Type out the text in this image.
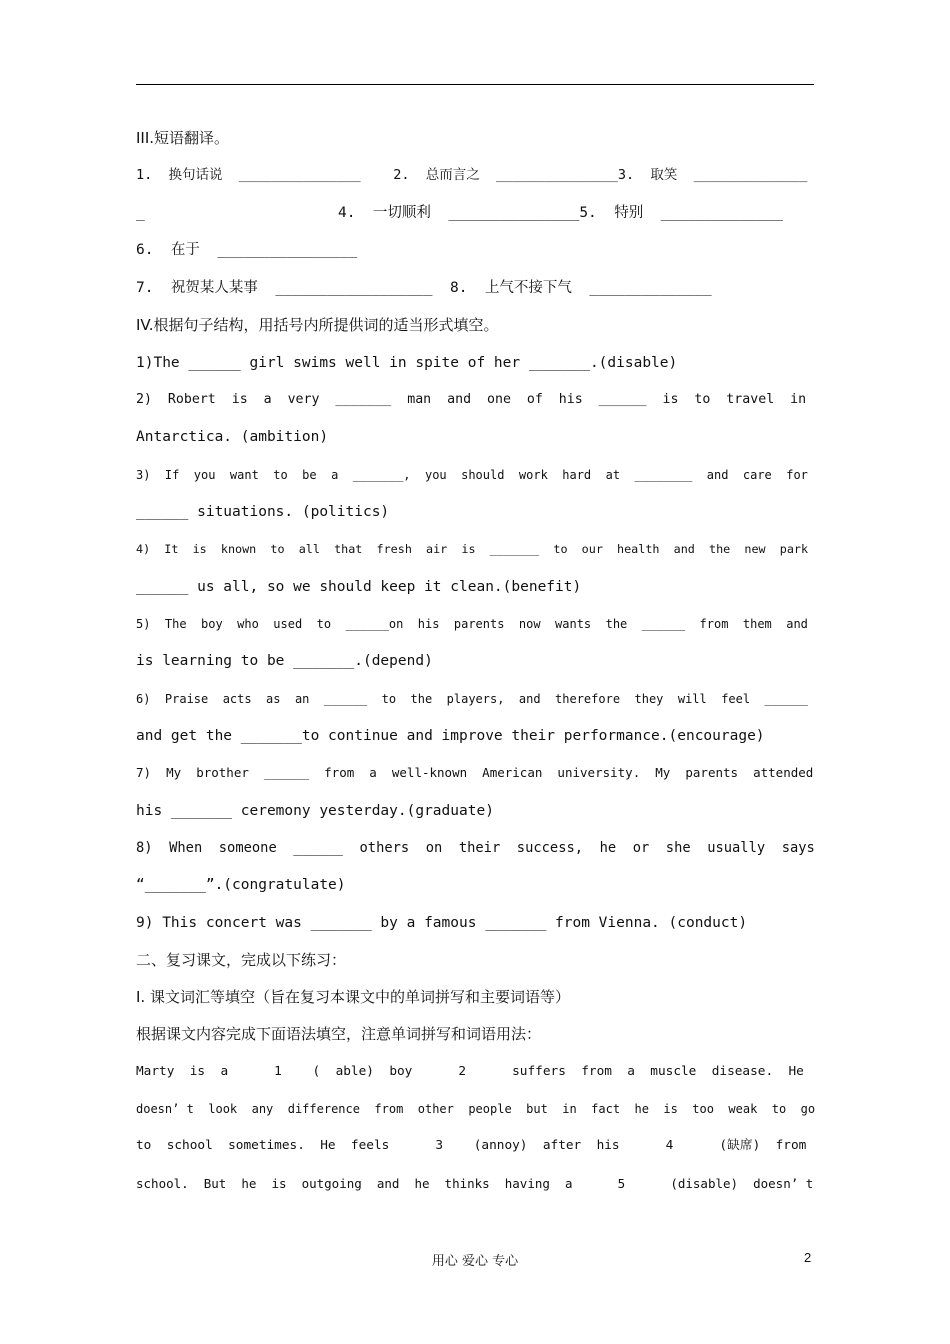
III.短语翻译。

1.  换句话说  _______________    2.  总而言之  _______________3.  取笑  ______________

_	4.  一切顺利  _______________5.  特别  ______________

6.  在于  ________________

7.  祝贺某人某事  __________________  8.  上气不接下气  ______________

IV.根据句子结构，用括号内所提供词的适当形式填空。

1)The ______ girl swims well in spite of her _______.(disable)

2)  Robert  is  a  very  _______  man  and  one  of  his  ______  is  to  travel  in

Antarctica. (ambition)

3)  If  you  want  to  be  a  _______,  you  should  work  hard  at  ________  and  care  for

______ situations. (politics)

4)  It  is  known  to  all  that  fresh  air  is  _______  to  our  health  and  the  new  park

______ us all, so we should keep it clean.(benefit)

5)  The  boy  who  used  to  ______on  his  parents  now  wants  the  ______  from  them  and

is learning to be _______.(depend)

6)  Praise  acts  as  an  ______  to  the  players,  and  therefore  they  will  feel  ______

and get the _______to continue and improve their performance.(encourage)

7)  My  brother  ______  from  a  well-known  American  university.  My  parents  attended

his _______ ceremony yesterday.(graduate)

8)  When  someone  ______  others  on  their  success,  he  or  she  usually  says

“_______”.(congratulate)

9) This concert was _______ by a famous _______ from Vienna. (conduct)

二、复习课文，完成以下练习：

I. 课文词汇等填空（旨在复习本课文中的单词拼写和主要词语等）

根据课文内容完成下面语法填空，注意单词拼写和词语用法：

Marty  is  a      1    (  able)  boy      2      suffers  from  a  muscle  disease.  He

doesn’ t  look  any  difference  from  other  people  but  in  fact  he  is  too  weak  to  go

to  school  sometimes.  He  feels      3    (annoy)  after  his      4      (缺席)  from

school.  But  he  is  outgoing  and  he  thinks  having  a      5      (disable)  doesn’ t

用心 爱心 专心	2
